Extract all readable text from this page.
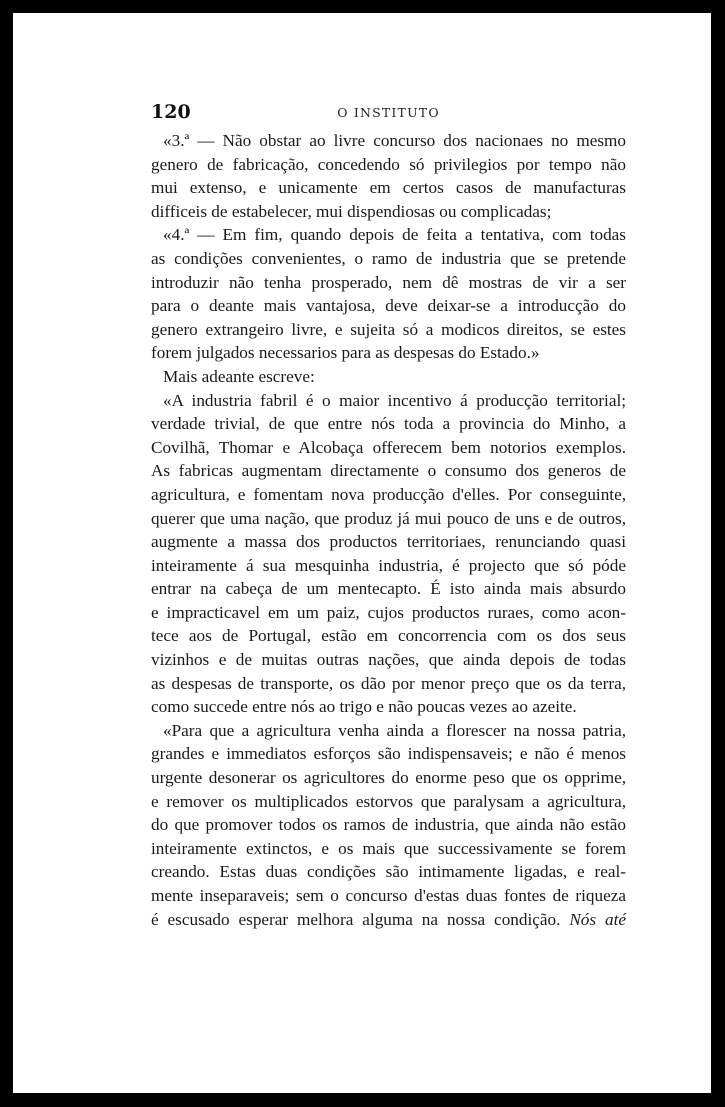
120	O INSTITUTO
«3.ª — Não obstar ao livre concurso dos nacionaes no mesmo
genero de fabricação, concedendo só privilegios por tempo não
mui extenso, e unicamente em certos casos de manufacturas
difficeis de estabelecer, mui dispendiosas ou complicadas;
«4.ª — Em fim, quando depois de feita a tentativa, com todas
as condições convenientes, o ramo de industria que se pretende
introduzir não tenha prosperado, nem dê mostras de vir a ser
para o deante mais vantajosa, deve deixar-se a introducção do
genero extrangeiro livre, e sujeita só a modicos direitos, se estes
forem julgados necessarios para as despesas do Estado.»
Mais adeante escreve:
«A industria fabril é o maior incentivo á producção territorial;
verdade trivial, de que entre nós toda a provincia do Minho, a
Covilhã, Thomar e Alcobaça offerecem bem notorios exemplos.
As fabricas augmentam directamente o consumo dos generos de
agricultura, e fomentam nova producção d'elles. Por conseguinte,
querer que uma nação, que produz já mui pouco de uns e de outros,
augmente a massa dos productos territoriaes, renunciando quasi
inteiramente á sua mesquinha industria, é projecto que só póde
entrar na cabeça de um mentecapto. É isto ainda mais absurdo
e impracticavel em um paiz, cujos productos ruraes, como acon-
tece aos de Portugal, estão em concorrencia com os dos seus
vizinhos e de muitas outras nações, que ainda depois de todas
as despesas de transporte, os dão por menor preço que os da terra,
como succede entre nós ao trigo e não poucas vezes ao azeite.
«Para que a agricultura venha ainda a florescer na nossa patria,
grandes e immediatos esforços são indispensaveis; e não é menos
urgente desonerar os agricultores do enorme peso que os opprime,
e remover os multiplicados estorvos que paralysam a agricultura,
do que promover todos os ramos de industria, que ainda não estão
inteiramente extinctos, e os mais que successivamente se forem
creando. Estas duas condições são intimamente ligadas, e real-
mente inseparaveis; sem o concurso d'estas duas fontes de riqueza
é escusado esperar melhora alguma na nossa condição. Nós até
